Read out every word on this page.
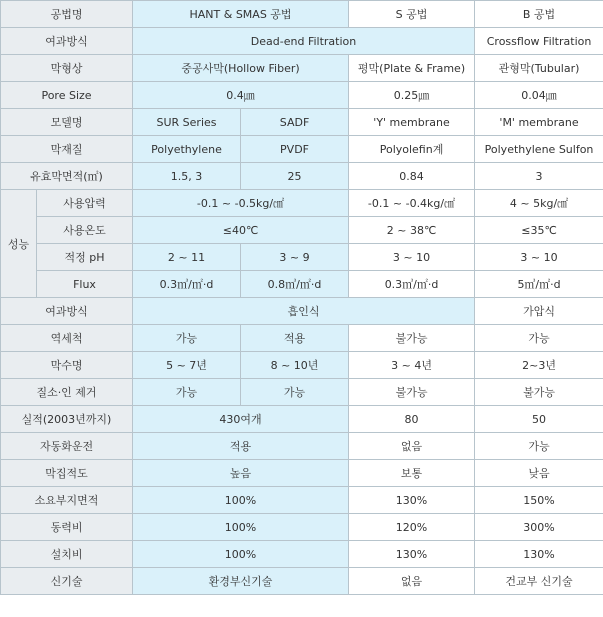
공법명		HANT & SMAS 공법		S 공법	B 공법
여과방식		Dead-end Filtration			Crossflow Filtration
막형상		중공사막(Hollow Fiber)		평막(Plate & Frame)	관형막(Tubular)
Pore Size		0.4㎛		0.25㎛	0.04㎛
모델명		SUR Series	SADF	'Y' membrane	'M' membrane
막재질		Polyethylene	PVDF	Polyolefin계	Polyethylene Sulfon
유효막면적(㎡)		1.5, 3	25	0.84	3
성능	사용압력	-0.1 ~ -0.5kg/㎠		-0.1 ~ -0.4kg/㎠	4 ~ 5kg/㎠
	사용온도	≤40℃		2 ~ 38℃	≤35℃
	적정 pH	2 ~ 11	3 ~ 9	3 ~ 10	3 ~ 10
	Flux	0.3㎥/㎡·d	0.8㎥/㎡·d	0.3㎥/㎡·d	5㎥/㎡·d
여과방식		흡인식			가압식
역세척		가능	적용	불가능	가능
막수명		5 ~ 7년	8 ~ 10년	3 ~ 4년	2~3년
질소·인 제거		가능	가능	불가능	불가능
실적(2003년까지)		430여개		80	50
자동화운전		적용		없음	가능
막집적도		높음		보통	낮음
소요부지면적		100%		130%	150%
동력비		100%		120%	300%
설치비		100%		130%	130%
신기술		환경부신기술		없음	건교부 신기술
